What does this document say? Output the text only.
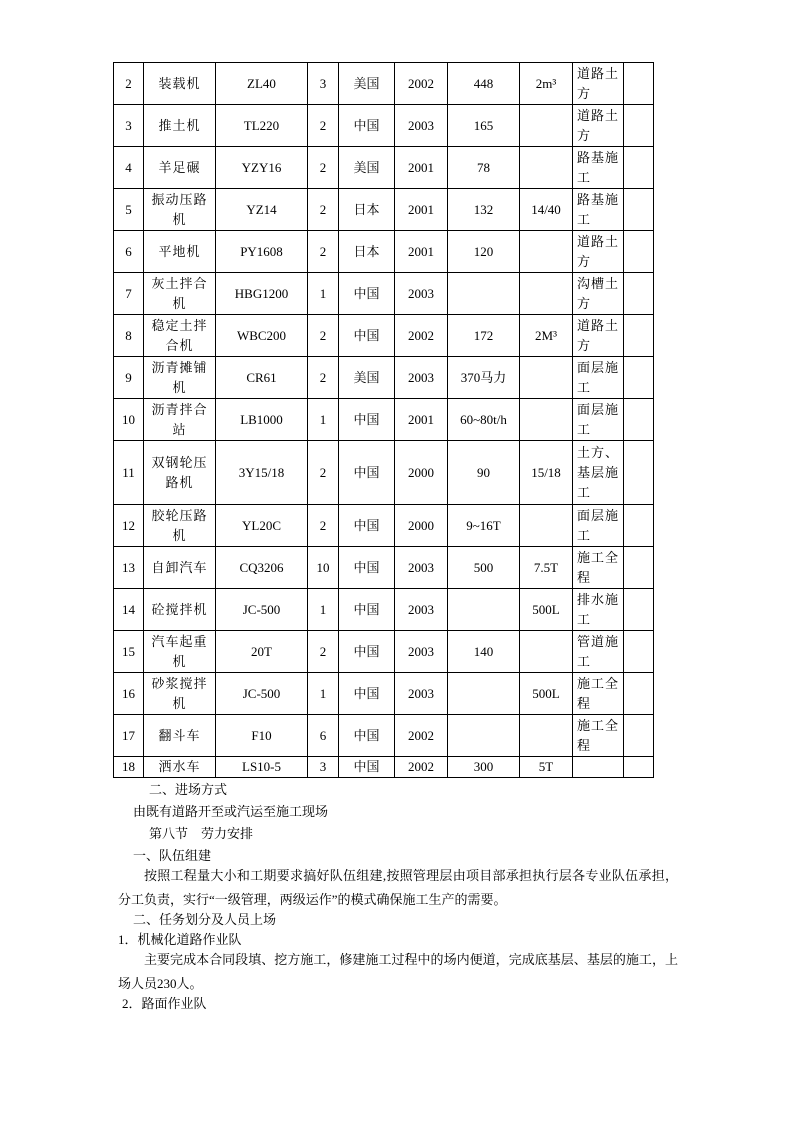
2	装载机	ZL40	3	美国	2002	448	2m³	道路土方	
3	推土机	TL220	2	中国	2003	165		道路土方	
4	羊足碾	YZY16	2	美国	2001	78		路基施工	
5	振动压路机	YZ14	2	日本	2001	132	14/40	路基施工	
6	平地机	PY1608	2	日本	2001	120		道路土方	
7	灰土拌合机	HBG1200	1	中国	2003			沟槽土方	
8	稳定土拌合机	WBC200	2	中国	2002	172	2M³	道路土方	
9	沥青摊铺机	CR61	2	美国	2003	370马力		面层施工	
10	沥青拌合站	LB1000	1	中国	2001	60~80t/h		面层施工	
11	双钢轮压路机	3Y15/18	2	中国	2000	90	15/18	土方、基层施工	
12	胶轮压路机	YL20C	2	中国	2000	9~16T		面层施工	
13	自卸汽车	CQ3206	10	中国	2003	500	7.5T	施工全程	
14	砼搅拌机	JC-500	1	中国	2003		500L	排水施工	
15	汽车起重机	20T	2	中国	2003	140		管道施工	
16	砂浆搅拌机	JC-500	1	中国	2003		500L	施工全程	
17	翻斗车	F10	6	中国	2002			施工全程	
18	洒水车	LS10-5	3	中国	2002	300	5T		
二、进场方式
由既有道路开至或汽运至施工现场
第八节　劳力安排
一、队伍组建
按照工程量大小和工期要求搞好队伍组建,按照管理层由项目部承担执行层各专业队伍承担，分工负责，实行“一级管理，两级运作”的模式确保施工生产的需要。
二、任务划分及人员上场
1．机械化道路作业队
主要完成本合同段填、挖方施工，修建施工过程中的场内便道，完成底基层、基层的施工，上场人员230人。
2．路面作业队
